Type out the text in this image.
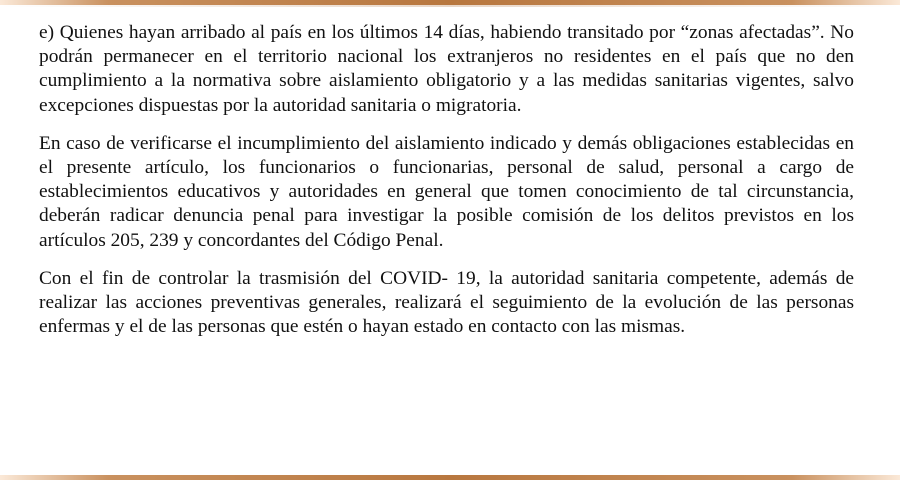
e) Quienes hayan arribado al país en los últimos 14 días, habiendo transitado por “zonas afectadas”. No podrán permanecer en el territorio nacional los extranjeros no residentes en el país que no den cumplimiento a la normativa sobre aislamiento obligatorio y a las medidas sanitarias vigentes, salvo excepciones dispuestas por la autoridad sanitaria o migratoria.

En caso de verificarse el incumplimiento del aislamiento indicado y demás obligaciones establecidas en el presente artículo, los funcionarios o funcionarias, personal de salud, personal a cargo de establecimientos educativos y autoridades en general que tomen conocimiento de tal circunstancia, deberán radicar denuncia penal para investigar la posible comisión de los delitos previstos en los artículos 205, 239 y concordantes del Código Penal.

Con el fin de controlar la trasmisión del COVID- 19, la autoridad sanitaria competente, además de realizar las acciones preventivas generales, realizará el seguimiento de la evolución de las personas enfermas y el de las personas que estén o hayan estado en contacto con las mismas.
